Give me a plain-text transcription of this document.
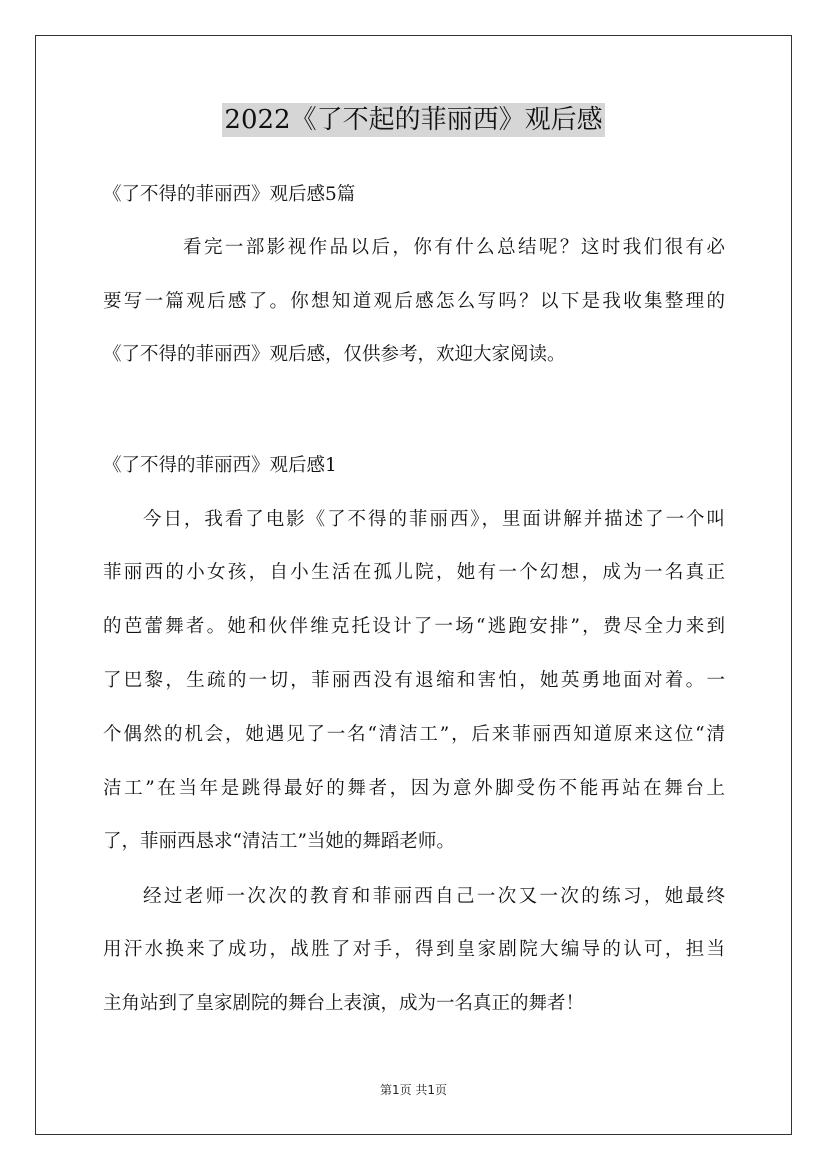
2022《了不起的菲丽西》观后感
《了不得的菲丽西》观后感5篇
看完一部影视作品以后，你有什么总结呢？这时我们很有必
要写一篇观后感了。你想知道观后感怎么写吗？以下是我收集整理的
《了不得的菲丽西》观后感，仅供参考，欢迎大家阅读。
《了不得的菲丽西》观后感1
今日，我看了电影《了不得的菲丽西》，里面讲解并描述了一个叫
菲丽西的小女孩，自小生活在孤儿院，她有一个幻想，成为一名真正
的芭蕾舞者。她和伙伴维克托设计了一场“逃跑安排”，费尽全力来到
了巴黎，生疏的一切，菲丽西没有退缩和害怕，她英勇地面对着。一
个偶然的机会，她遇见了一名“清洁工”，后来菲丽西知道原来这位“清
洁工”在当年是跳得最好的舞者，因为意外脚受伤不能再站在舞台上
了，菲丽西恳求“清洁工”当她的舞蹈老师。
经过老师一次次的教育和菲丽西自己一次又一次的练习，她最终
用汗水换来了成功，战胜了对手，得到皇家剧院大编导的认可，担当
主角站到了皇家剧院的舞台上表演，成为一名真正的舞者！
第1页 共1页
